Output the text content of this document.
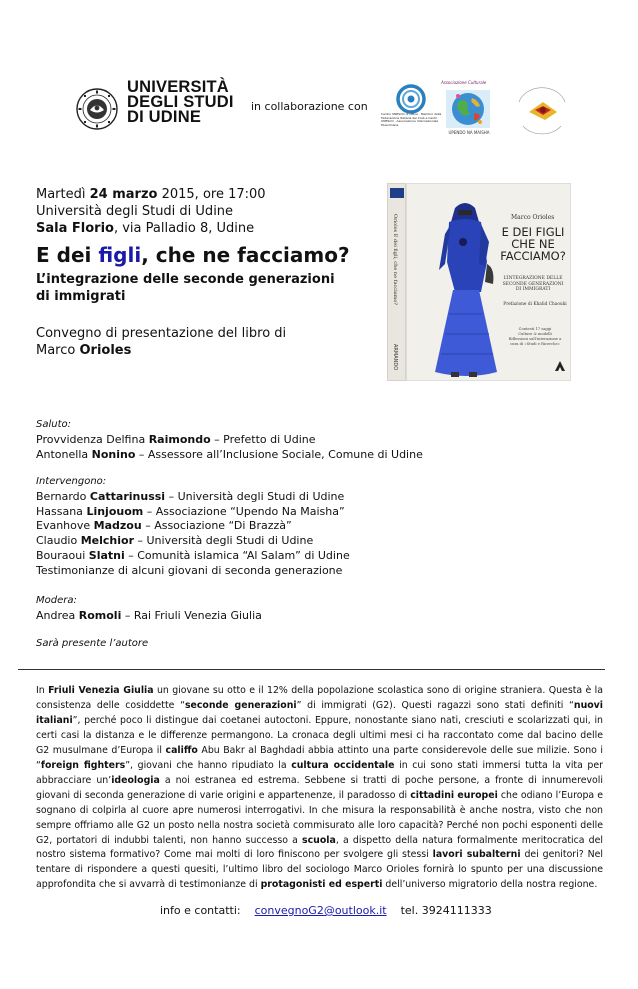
UNIVERSITÀ
DEGLI STUDI
DI UDINE
in collaborazione con
Centro UNESCO di Udine · Membro della Federazione Italiana dei Club e Centri UNESCO · Associazione Internazionale Musulmana
Associazione Culturale
UPENDO NA MAISHA
Martedì 24 marzo 2015, ore 17:00
Università degli Studi di Udine
Sala Florio, via Palladio 8, Udine
E dei figli, che ne facciamo?
L’integrazione delle seconde generazioni
di immigrati
Convegno di presentazione del libro di
Marco Orioles
Orioles E dei figli, che ne facciamo?
ARMANDO
Marco Orioles
E DEI FIGLI
CHE NE
FACCIAMO?
L’INTEGRAZIONE DELLE
SECONDE GENERAZIONI
DI IMMIGRATI
Prefazione di Khalid Chaouki
Contesti 17 saggi
Culture & modelli
Riflessioni sull’interazione a cura di «Studi e Ricerche»
Saluto:
Provvidenza Delfina Raimondo – Prefetto di Udine
Antonella Nonino – Assessore all’Inclusione Sociale, Comune di Udine
Intervengono:
Bernardo Cattarinussi – Università degli Studi di Udine
Hassana Linjouom – Associazione “Upendo Na Maisha”
Evanhove Madzou – Associazione “Di Brazzà”
Claudio Melchior – Università degli Studi di Udine
Bouraoui Slatni – Comunità islamica “Al Salam” di Udine
Testimonianze di alcuni giovani di seconda generazione
Modera:
Andrea Romoli – Rai Friuli Venezia Giulia
Sarà presente l’autore
In Friuli Venezia Giulia un giovane su otto e il 12% della popolazione scolastica sono di origine straniera. Questa è la consistenza delle cosiddette “seconde generazioni” di immigrati (G2). Questi ragazzi sono stati definiti “nuovi italiani”, perché poco li distingue dai coetanei autoctoni. Eppure, nonostante siano nati, cresciuti e scolarizzati qui, in certi casi la distanza e le differenze permangono. La cronaca degli ultimi mesi ci ha raccontato come dal bacino delle G2 musulmane d’Europa il califfo Abu Bakr al Baghdadi abbia attinto una parte considerevole delle sue milizie. Sono i “foreign fighters”, giovani che hanno ripudiato la cultura occidentale in cui sono stati immersi tutta la vita per abbracciare un’ideologia a noi estranea ed estrema. Sebbene si tratti di poche persone, a fronte di innumerevoli giovani di seconda generazione di varie origini e appartenenze, il paradosso di cittadini europei che odiano l’Europa e sognano di colpirla al cuore apre numerosi interrogativi. In che misura la responsabilità è anche nostra, visto che non sempre offriamo alle G2 un posto nella nostra società commisurato alle loro capacità? Perché non pochi esponenti delle G2, portatori di indubbi talenti, non hanno successo a scuola, a dispetto della natura formalmente meritocratica del nostro sistema formativo? Come mai molti di loro finiscono per svolgere gli stessi lavori subalterni dei genitori? Nel tentare di rispondere a questi quesiti, l’ultimo libro del sociologo Marco Orioles fornirà lo spunto per una discussione approfondita che si avvarrà di testimonianze di protagonisti ed esperti dell’universo migratorio della nostra regione.
info e contatti: convegnoG2@outlook.it tel. 3924111333
